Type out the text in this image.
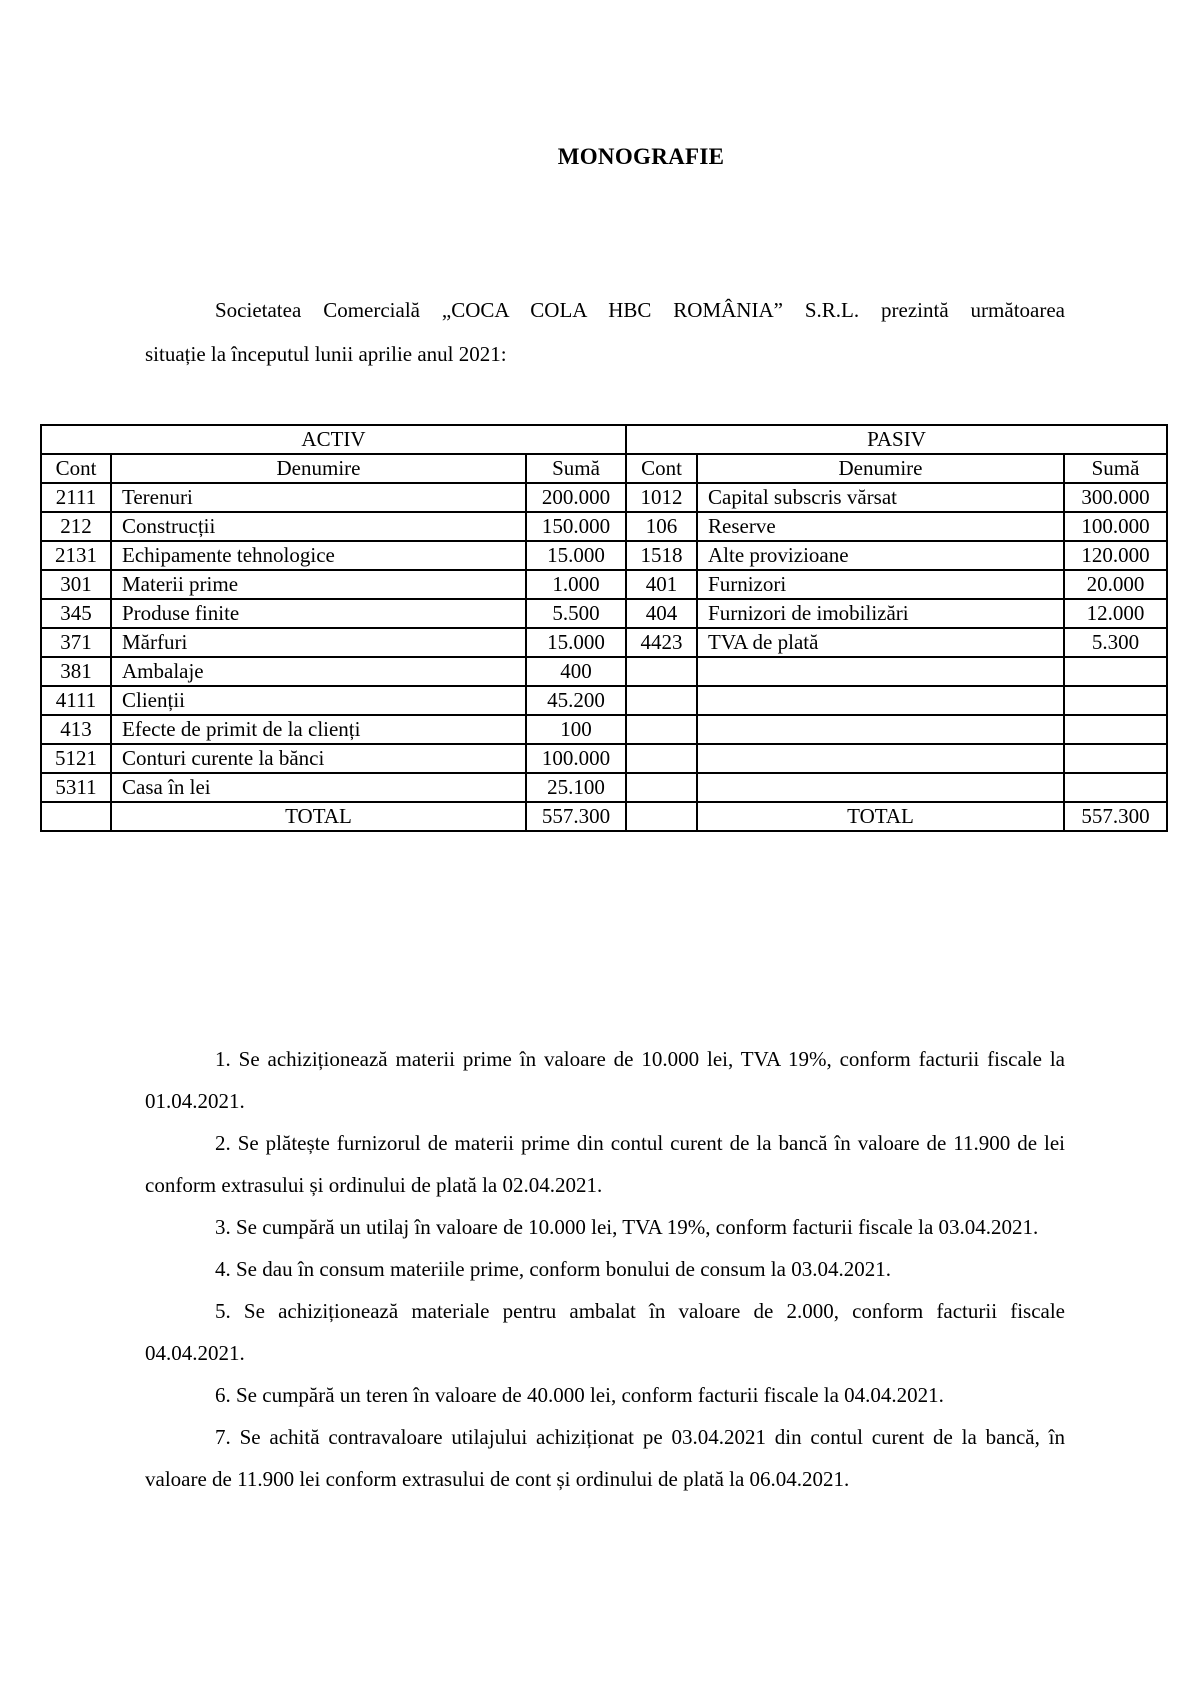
MONOGRAFIE
Societatea Comercială „COCA COLA HBC ROMÂNIA” S.R.L. prezintă următoarea
situație la începutul lunii aprilie anul 2021:
ACTIV			PASIV		
Cont	Denumire	Sumă	Cont	Denumire	Sumă
2111	Terenuri	200.000	1012	Capital subscris vărsat	300.000
212	Construcții	150.000	106	Reserve	100.000
2131	Echipamente tehnologice	15.000	1518	Alte provizioane	120.000
301	Materii prime	1.000	401	Furnizori	20.000
345	Produse finite	5.500	404	Furnizori de imobilizări	12.000
371	Mărfuri	15.000	4423	TVA de plată	5.300
381	Ambalaje	400			
4111	Clienții	45.200			
413	Efecte de primit de la clienți	100			
5121	Conturi curente la bănci	100.000			
5311	Casa în lei	25.100			
	TOTAL	557.300		TOTAL	557.300

1. Se achiziționează materii prime în valoare de 10.000 lei, TVA 19%, conform facturii fiscale la 01.04.2021.

2. Se plătește furnizorul de materii prime din contul curent de la bancă în valoare de 11.900 de lei conform extrasului și ordinului de plată la 02.04.2021.

3. Se cumpără un utilaj în valoare de 10.000 lei, TVA 19%, conform facturii fiscale la 03.04.2021.

4. Se dau în consum materiile prime, conform bonului de consum la 03.04.2021.

5. Se achiziționează materiale pentru ambalat în valoare de 2.000, conform facturii fiscale 04.04.2021.

6. Se cumpără un teren în valoare de 40.000 lei, conform facturii fiscale la 04.04.2021.

7. Se achită contravaloare utilajului achiziționat pe 03.04.2021 din contul curent de la bancă, în valoare de 11.900 lei conform extrasului de cont și ordinului de plată la 06.04.2021.
